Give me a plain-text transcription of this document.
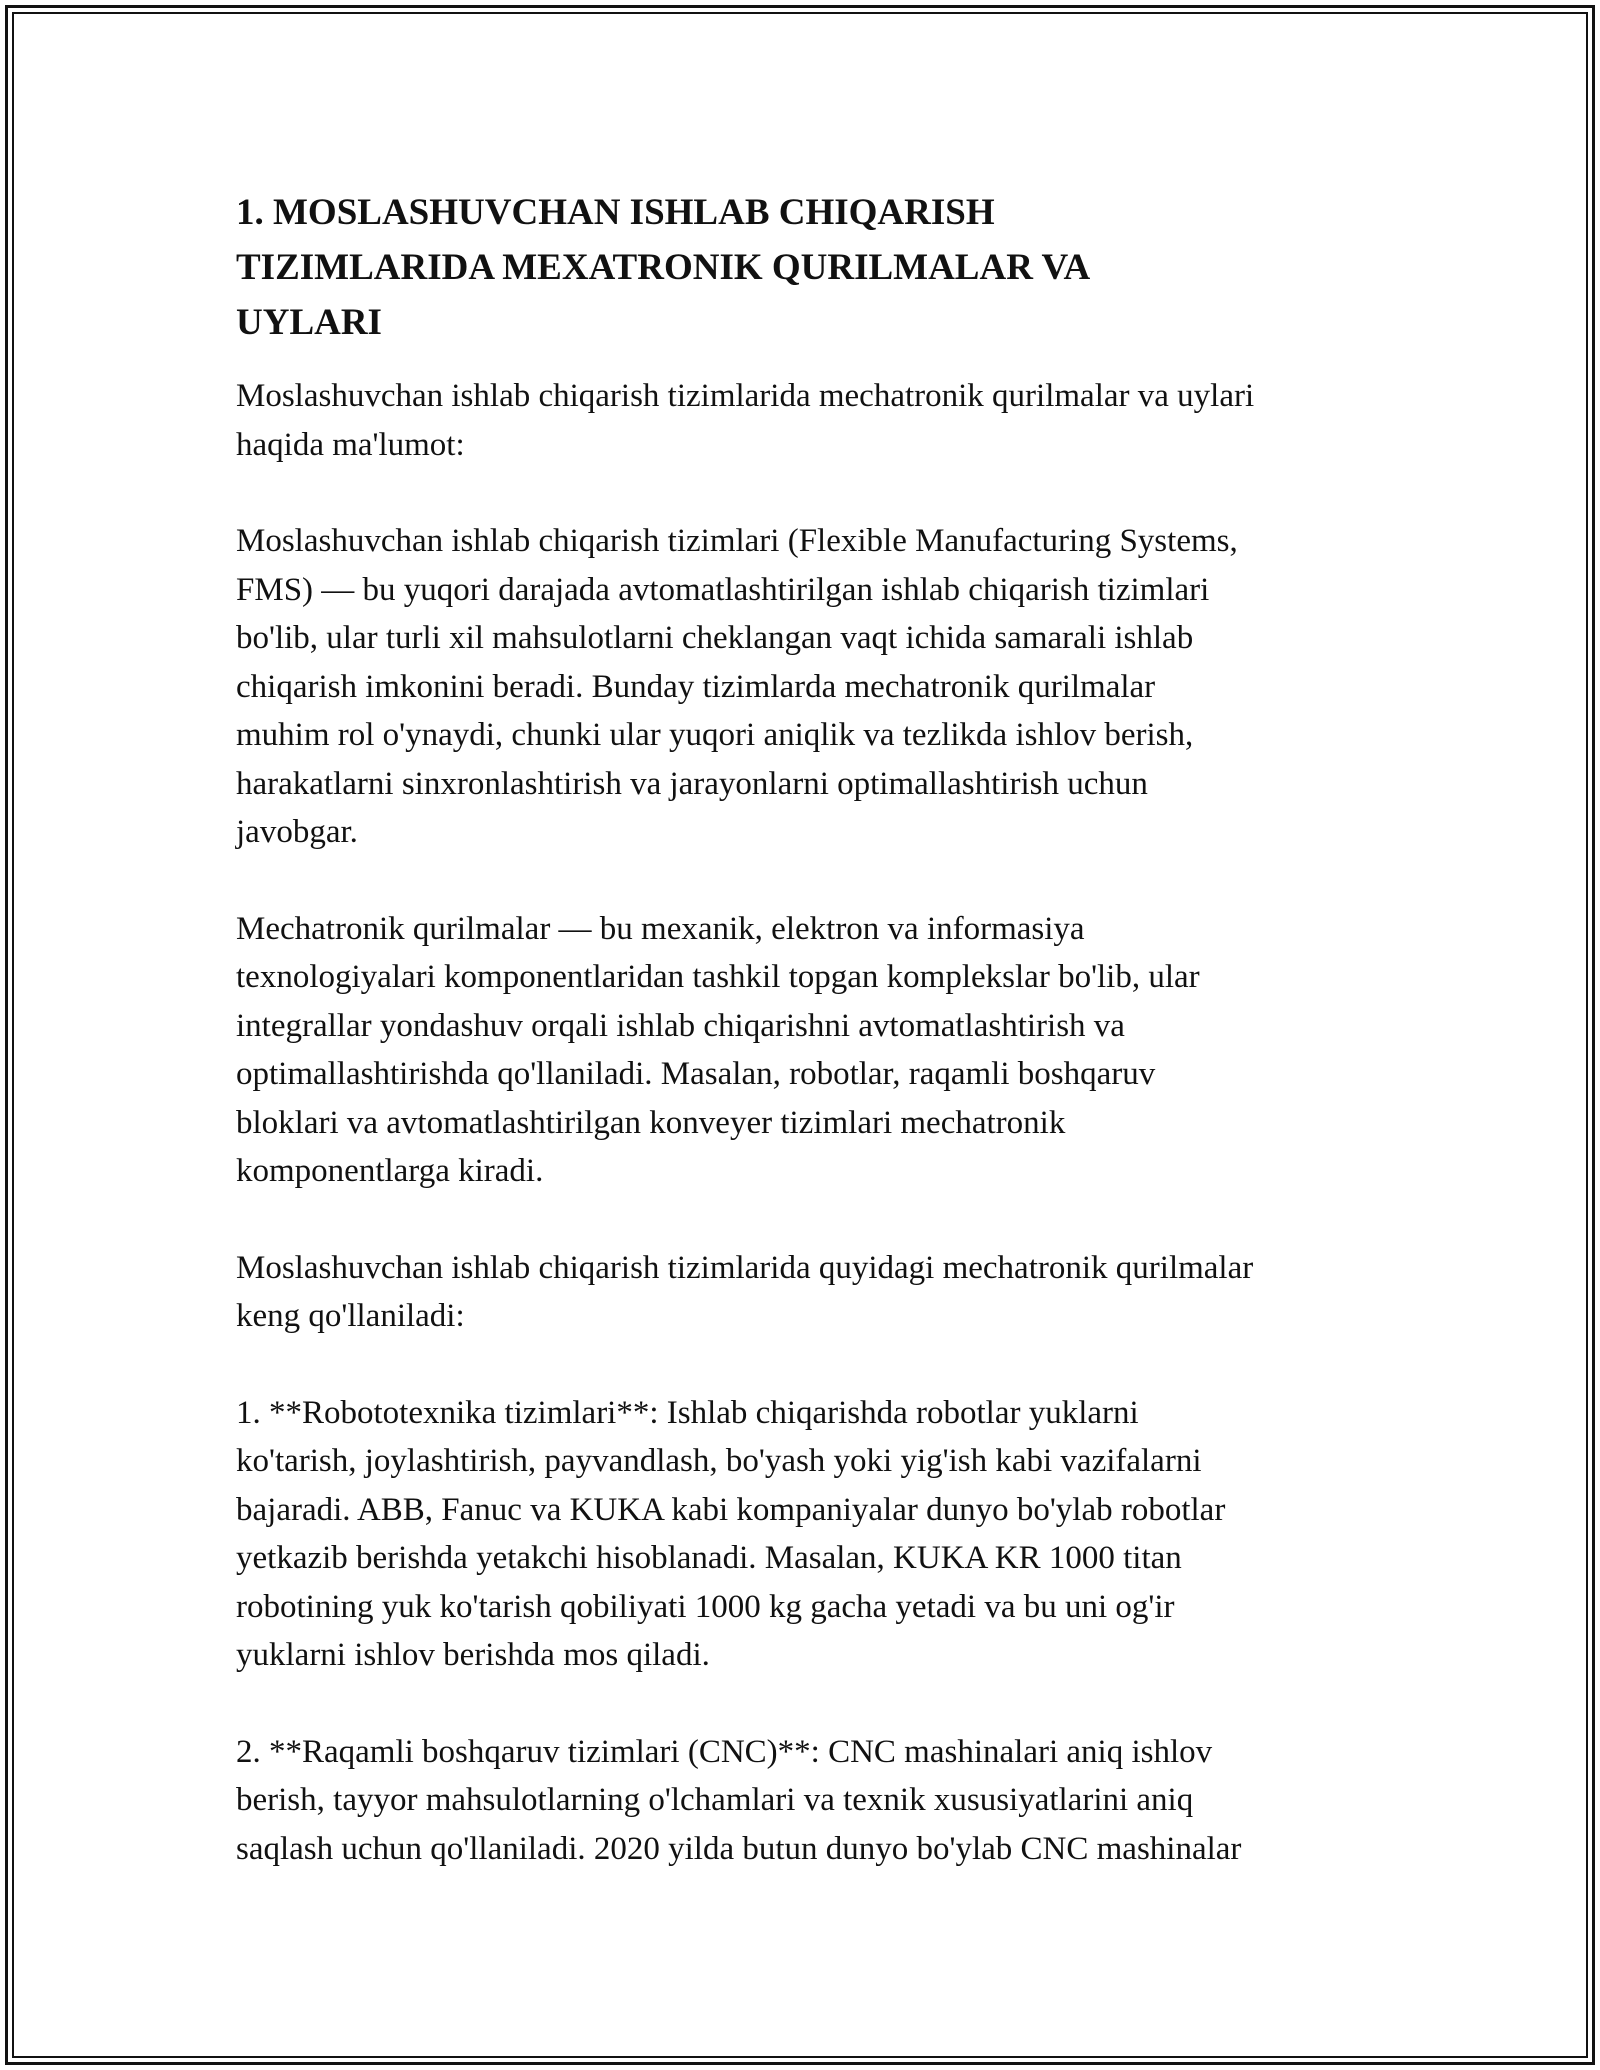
1. MOSLASHUVCHAN ISHLAB CHIQARISH TIZIMLARIDA MEXATRONIK QURILMALAR VA UYLARI

Moslashuvchan ishlab chiqarish tizimlarida mechatronik qurilmalar va uylari
haqida ma'lumot:

Moslashuvchan ishlab chiqarish tizimlari (Flexible Manufacturing Systems,
FMS) — bu yuqori darajada avtomatlashtirilgan ishlab chiqarish tizimlari
bo'lib, ular turli xil mahsulotlarni cheklangan vaqt ichida samarali ishlab
chiqarish imkonini beradi. Bunday tizimlarda mechatronik qurilmalar
muhim rol o'ynaydi, chunki ular yuqori aniqlik va tezlikda ishlov berish,
harakatlarni sinxronlashtirish va jarayonlarni optimallashtirish uchun
javobgar.

Mechatronik qurilmalar — bu mexanik, elektron va informasiya
texnologiyalari komponentlaridan tashkil topgan komplekslar bo'lib, ular
integrallar yondashuv orqali ishlab chiqarishni avtomatlashtirish va
optimallashtirishda qo'llaniladi. Masalan, robotlar, raqamli boshqaruv
bloklari va avtomatlashtirilgan konveyer tizimlari mechatronik
komponentlarga kiradi.

Moslashuvchan ishlab chiqarish tizimlarida quyidagi mechatronik qurilmalar
keng qo'llaniladi:

1. **Robototexnika tizimlari**: Ishlab chiqarishda robotlar yuklarni
ko'tarish, joylashtirish, payvandlash, bo'yash yoki yig'ish kabi vazifalarni
bajaradi. ABB, Fanuc va KUKA kabi kompaniyalar dunyo bo'ylab robotlar
yetkazib berishda yetakchi hisoblanadi. Masalan, KUKA KR 1000 titan
robotining yuk ko'tarish qobiliyati 1000 kg gacha yetadi va bu uni og'ir
yuklarni ishlov berishda mos qiladi.

2. **Raqamli boshqaruv tizimlari (CNC)**: CNC mashinalari aniq ishlov
berish, tayyor mahsulotlarning o'lchamlari va texnik xususiyatlarini aniq
saqlash uchun qo'llaniladi. 2020 yilda butun dunyo bo'ylab CNC mashinalar
